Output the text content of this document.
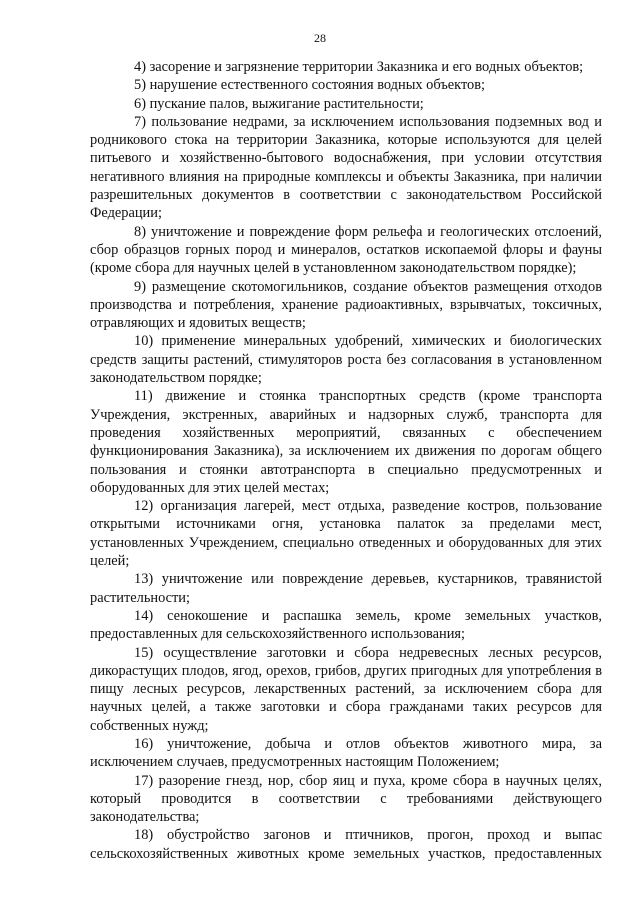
28

4) засорение и загрязнение территории Заказника и его водных объектов;

5) нарушение естественного состояния водных объектов;

6) пускание палов, выжигание растительности;

7) пользование недрами, за исключением использования подземных вод и родникового стока на территории Заказника, которые используются для целей питьевого и хозяйственно-бытового водоснабжения, при условии отсутствия негативного влияния на природные комплексы и объекты Заказника, при наличии разрешительных документов в соответствии с законодательством Российской Федерации;

8) уничтожение и повреждение форм рельефа и геологических отслоений, сбор образцов горных пород и минералов, остатков ископаемой флоры и фауны (кроме сбора для научных целей в установленном законодательством порядке);

9) размещение скотомогильников, создание объектов размещения отходов производства и потребления, хранение радиоактивных, взрывчатых, токсичных, отравляющих и ядовитых веществ;

10) применение минеральных удобрений, химических и биологических средств защиты растений, стимуляторов роста без согласования в установленном законодательством порядке;

11) движение и стоянка транспортных средств (кроме транспорта Учреждения, экстренных, аварийных и надзорных служб, транспорта для проведения хозяйственных мероприятий, связанных с обеспечением функционирования Заказника), за исключением их движения по дорогам общего пользования и стоянки автотранспорта в специально предусмотренных и оборудованных для этих целей местах;

12) организация лагерей, мест отдыха, разведение костров, пользование открытыми источниками огня, установка палаток за пределами мест, установленных Учреждением, специально отведенных и оборудованных для этих целей;

13) уничтожение или повреждение деревьев, кустарников, травянистой растительности;

14) сенокошение и распашка земель, кроме земельных участков, предоставленных для сельскохозяйственного использования;

15) осуществление заготовки и сбора недревесных лесных ресурсов, дикорастущих плодов, ягод, орехов, грибов, других пригодных для употребления в пищу лесных ресурсов, лекарственных растений, за исключением сбора для научных целей, а также заготовки и сбора гражданами таких ресурсов для собственных нужд;

16) уничтожение, добыча и отлов объектов животного мира, за исключением случаев, предусмотренных настоящим Положением;

17) разорение гнезд, нор, сбор яиц и пуха, кроме сбора в научных целях, который проводится в соответствии с требованиями действующего законодательства;

18) обустройство загонов и птичников, прогон, проход и выпас сельскохозяйственных животных кроме земельных участков, предоставленных
